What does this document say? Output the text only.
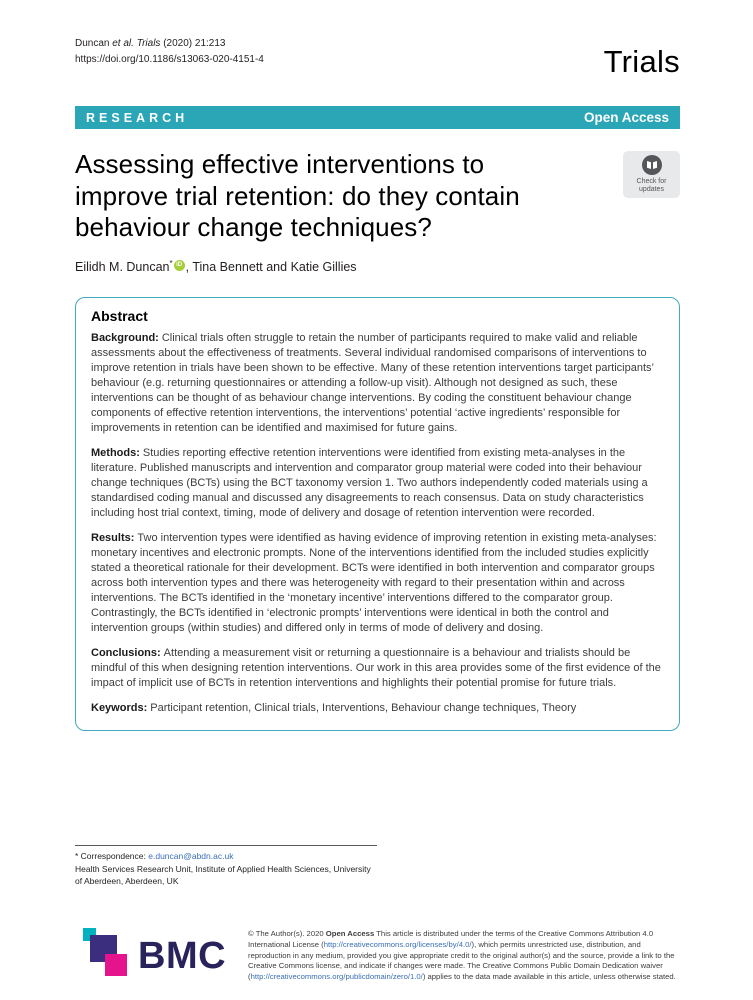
Duncan et al. Trials (2020) 21:213
https://doi.org/10.1186/s13063-020-4151-4	Trials
RESEARCH	Open Access
Assessing effective interventions to improve trial retention: do they contain behaviour change techniques?
Check for
updates
Eilidh M. Duncan* iD , Tina Bennett and Katie Gillies
Abstract

Background: Clinical trials often struggle to retain the number of participants required to make valid and reliable assessments about the effectiveness of treatments. Several individual randomised comparisons of interventions to improve retention in trials have been shown to be effective. Many of these retention interventions target participants’ behaviour (e.g. returning questionnaires or attending a follow-up visit). Although not designed as such, these interventions can be thought of as behaviour change interventions. By coding the constituent behaviour change components of effective retention interventions, the interventions’ potential ‘active ingredients’ responsible for improvements in retention can be identified and maximised for future gains.

Methods: Studies reporting effective retention interventions were identified from existing meta-analyses in the literature. Published manuscripts and intervention and comparator group material were coded into their behaviour change techniques (BCTs) using the BCT taxonomy version 1. Two authors independently coded materials using a standardised coding manual and discussed any disagreements to reach consensus. Data on study characteristics including host trial context, timing, mode of delivery and dosage of retention intervention were recorded.

Results: Two intervention types were identified as having evidence of improving retention in existing meta-analyses: monetary incentives and electronic prompts. None of the interventions identified from the included studies explicitly stated a theoretical rationale for their development. BCTs were identified in both intervention and comparator groups across both intervention types and there was heterogeneity with regard to their presentation within and across interventions. The BCTs identified in the ‘monetary incentive’ interventions differed to the comparator group. Contrastingly, the BCTs identified in ‘electronic prompts’ interventions were identical in both the control and intervention groups (within studies) and differed only in terms of mode of delivery and dosing.

Conclusions: Attending a measurement visit or returning a questionnaire is a behaviour and trialists should be mindful of this when designing retention interventions. Our work in this area provides some of the first evidence of the impact of implicit use of BCTs in retention interventions and highlights their potential promise for future trials.

Keywords: Participant retention, Clinical trials, Interventions, Behaviour change techniques, Theory

* Correspondence: e.duncan@abdn.ac.uk
Health Services Research Unit, Institute of Applied Health Sciences, University of Aberdeen, Aberdeen, UK
BMC
© The Author(s). 2020 Open Access This article is distributed under the terms of the Creative Commons Attribution 4.0 International License (http://creativecommons.org/licenses/by/4.0/), which permits unrestricted use, distribution, and reproduction in any medium, provided you give appropriate credit to the original author(s) and the source, provide a link to the Creative Commons license, and indicate if changes were made. The Creative Commons Public Domain Dedication waiver (http://creativecommons.org/publicdomain/zero/1.0/) applies to the data made available in this article, unless otherwise stated.
